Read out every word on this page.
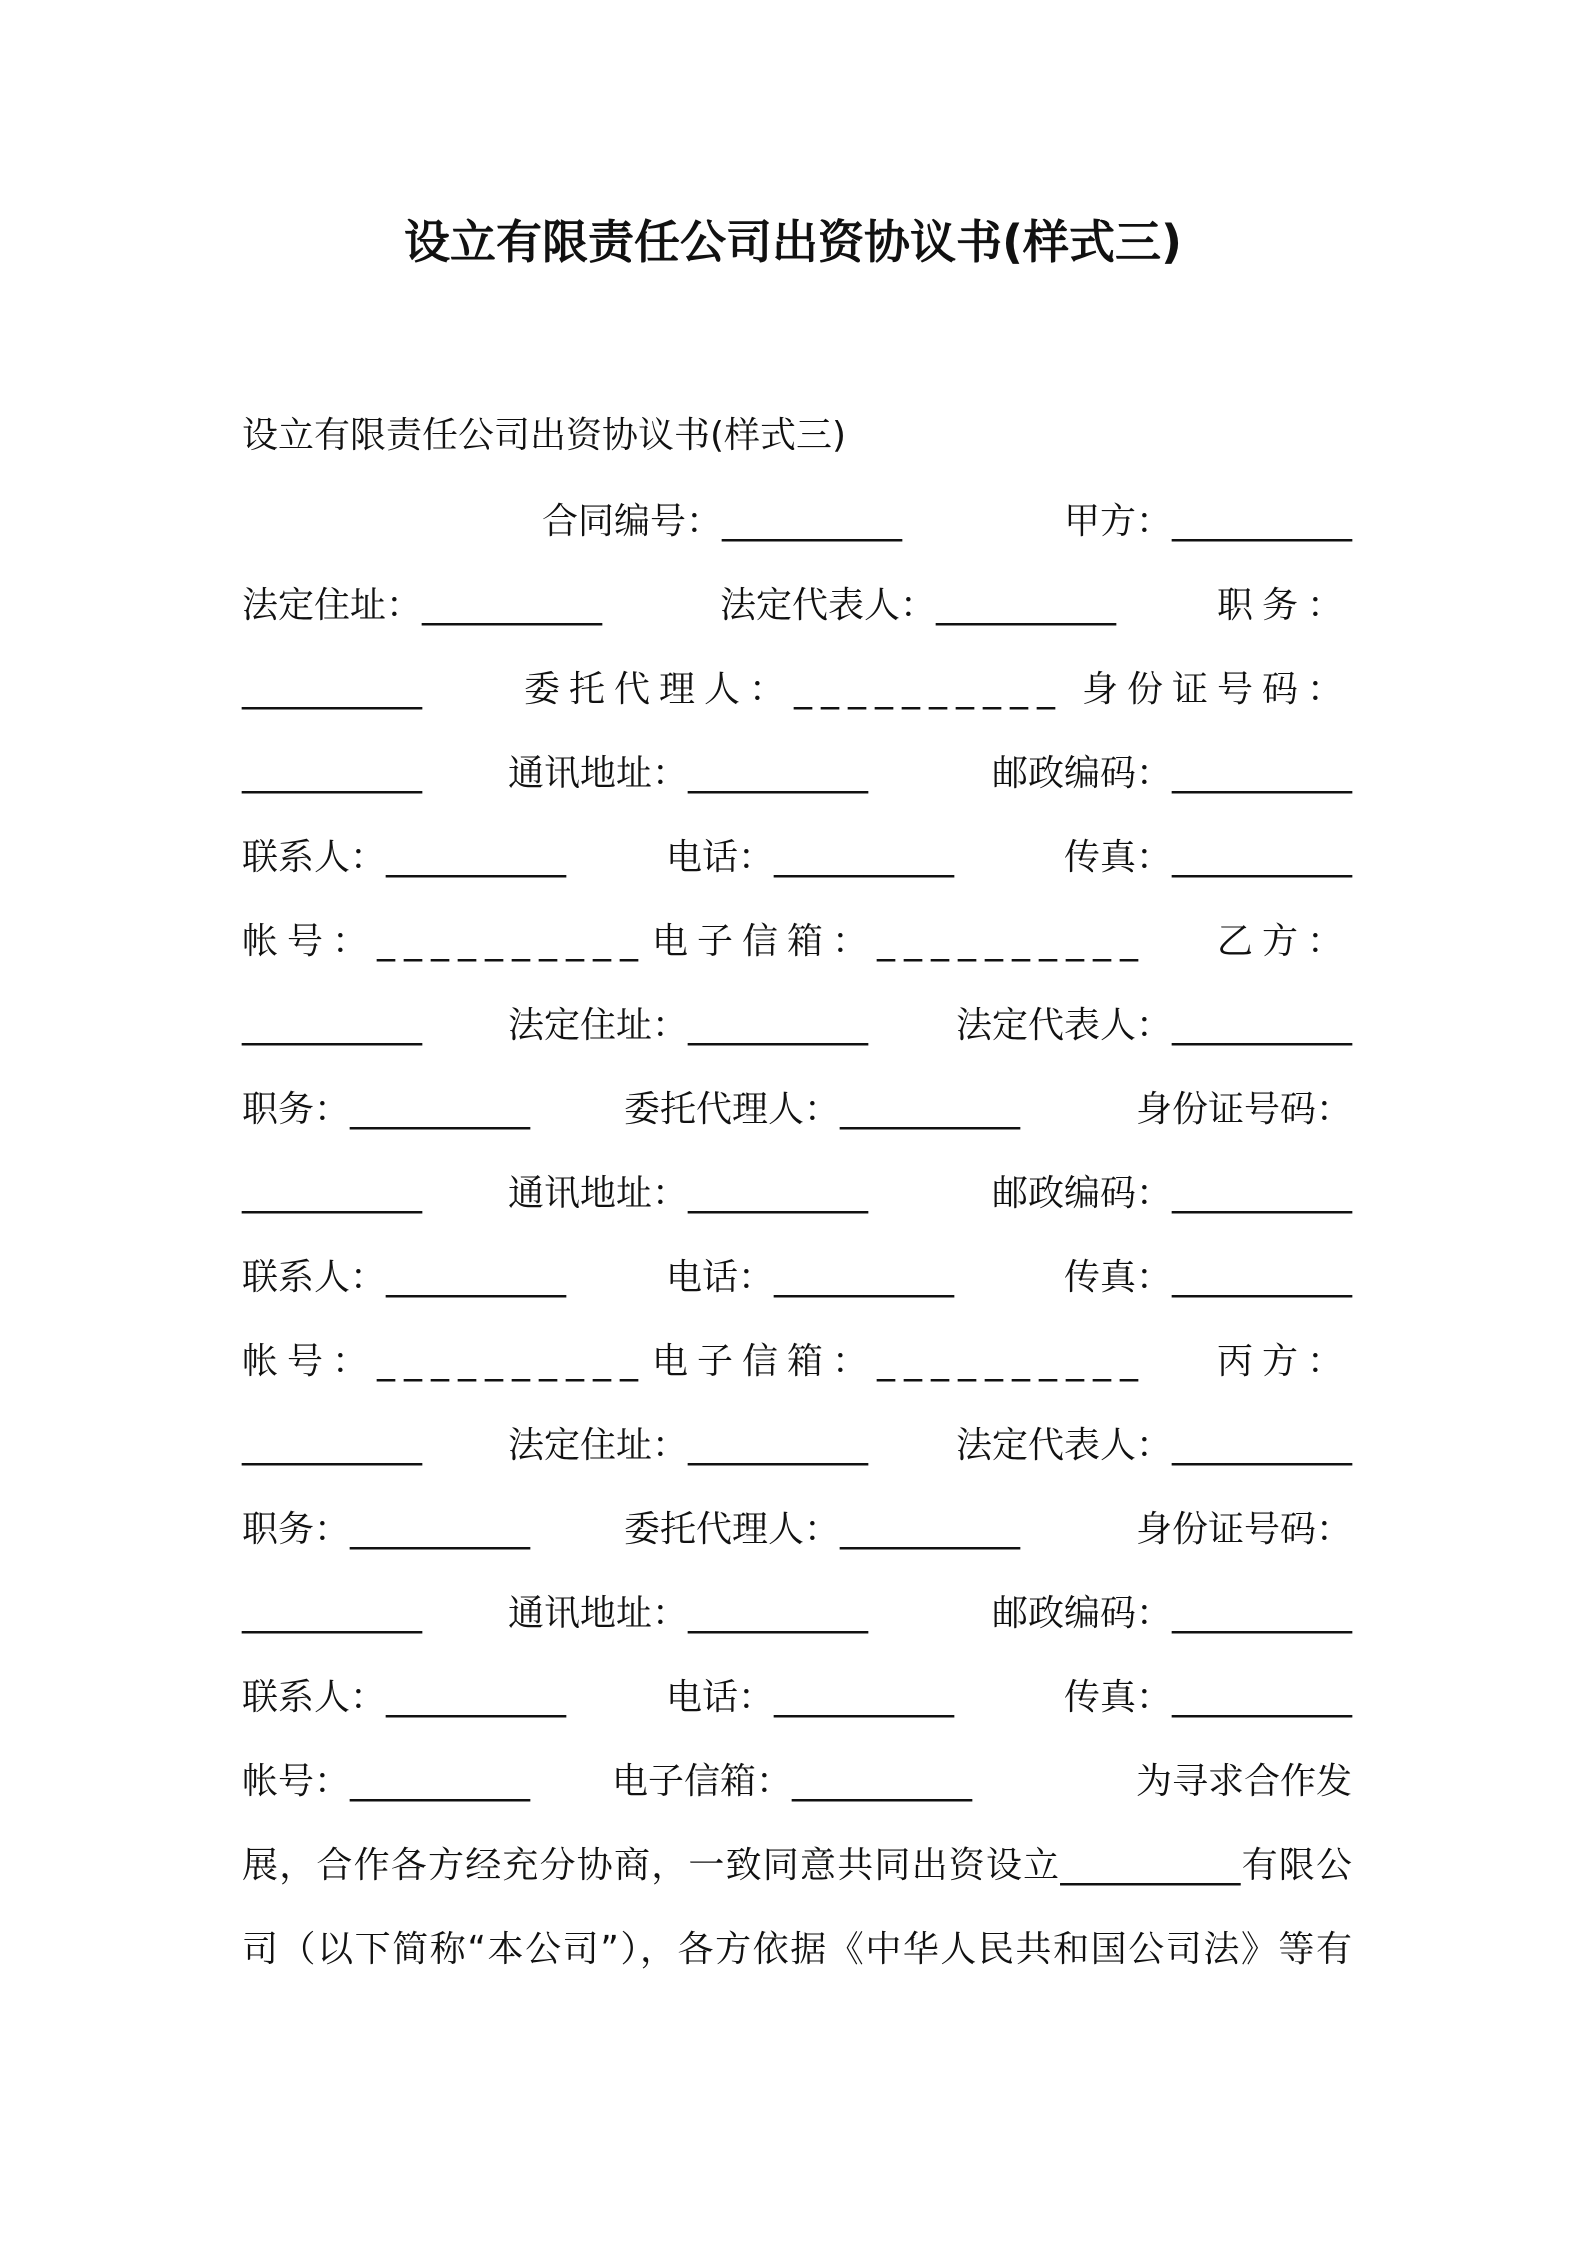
设立有限责任公司出资协议书(样式三)
设立有限责任公司出资协议书(样式三)
合同编号：__________	甲方：__________
法定住址：__________	法定代表人：__________	职务：
__________	委托代理人：__________ 身份证号码：
__________ 通讯地址：__________	邮政编码：__________
联系人：__________	电话：__________	传真：__________
帐号：__________ 电子信箱：__________ 乙方：
__________ 法定住址：__________ 法定代表人：__________
职务：__________	委托代理人：__________	身份证号码：
__________ 通讯地址：__________	邮政编码：__________
联系人：__________	电话：__________	传真：__________
帐号：__________ 电子信箱：__________ 丙方：
__________ 法定住址：__________ 法定代表人：__________
职务：__________	委托代理人：__________	身份证号码：
__________ 通讯地址：__________	邮政编码：__________
联系人：__________	电话：__________	传真：__________
帐号：__________ 电子信箱：__________	为寻求合作发
展，合作各方经充分协商，一致同意共同出资设立__________有限公
司（以下简称“本公司”），各方依据《中华人民共和国公司法》等有
